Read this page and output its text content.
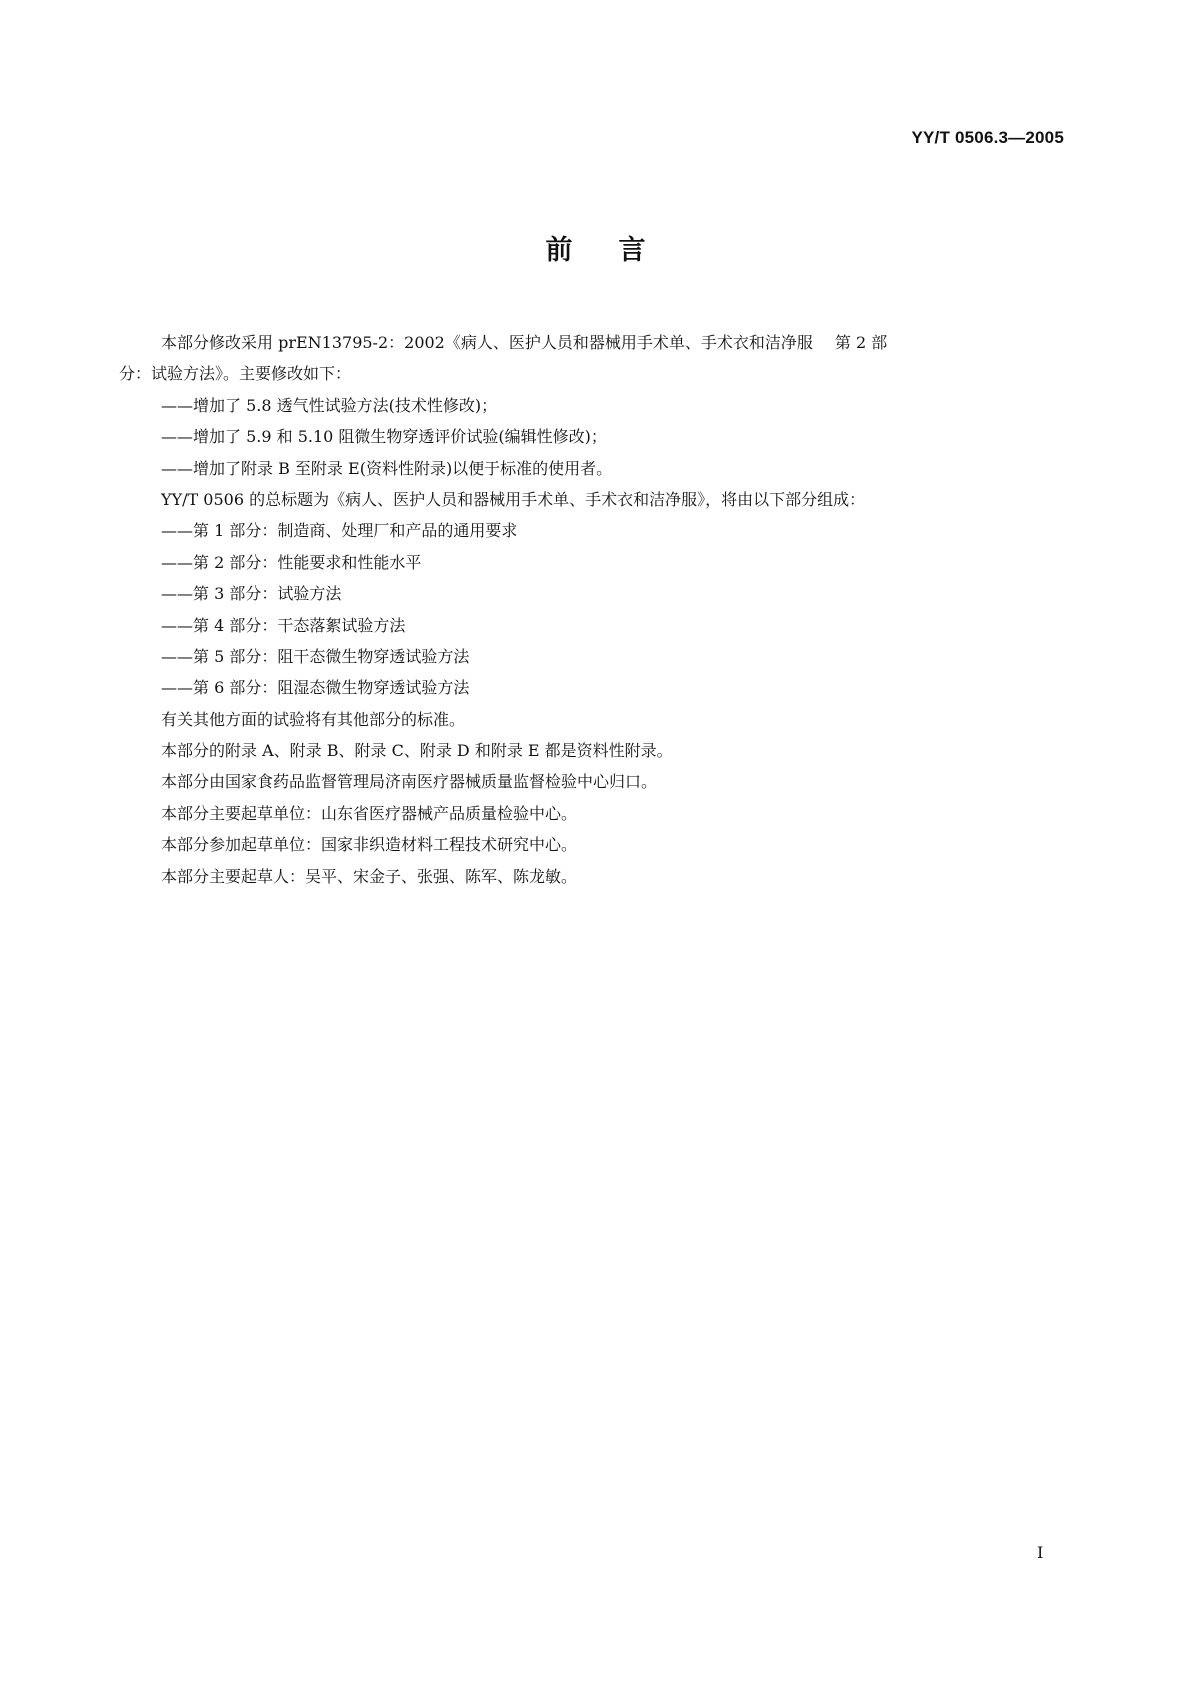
YY/T 0506.3—2005
前言
本部分修改采用 prEN13795-2：2002《病人、医护人员和器械用手术单、手术衣和洁净服 第 2 部
分：试验方法》。主要修改如下：
——增加了 5.8 透气性试验方法(技术性修改)；
——增加了 5.9 和 5.10 阻微生物穿透评价试验(编辑性修改)；
——增加了附录 B 至附录 E(资料性附录)以便于标准的使用者。
YY/T 0506 的总标题为《病人、医护人员和器械用手术单、手术衣和洁净服》，将由以下部分组成：
——第 1 部分：制造商、处理厂和产品的通用要求
——第 2 部分：性能要求和性能水平
——第 3 部分：试验方法
——第 4 部分：干态落絮试验方法
——第 5 部分：阻干态微生物穿透试验方法
——第 6 部分：阻湿态微生物穿透试验方法
有关其他方面的试验将有其他部分的标准。
本部分的附录 A、附录 B、附录 C、附录 D 和附录 E 都是资料性附录。
本部分由国家食药品监督管理局济南医疗器械质量监督检验中心归口。
本部分主要起草单位：山东省医疗器械产品质量检验中心。
本部分参加起草单位：国家非织造材料工程技术研究中心。
本部分主要起草人：吴平、宋金子、张强、陈军、陈龙敏。
I
